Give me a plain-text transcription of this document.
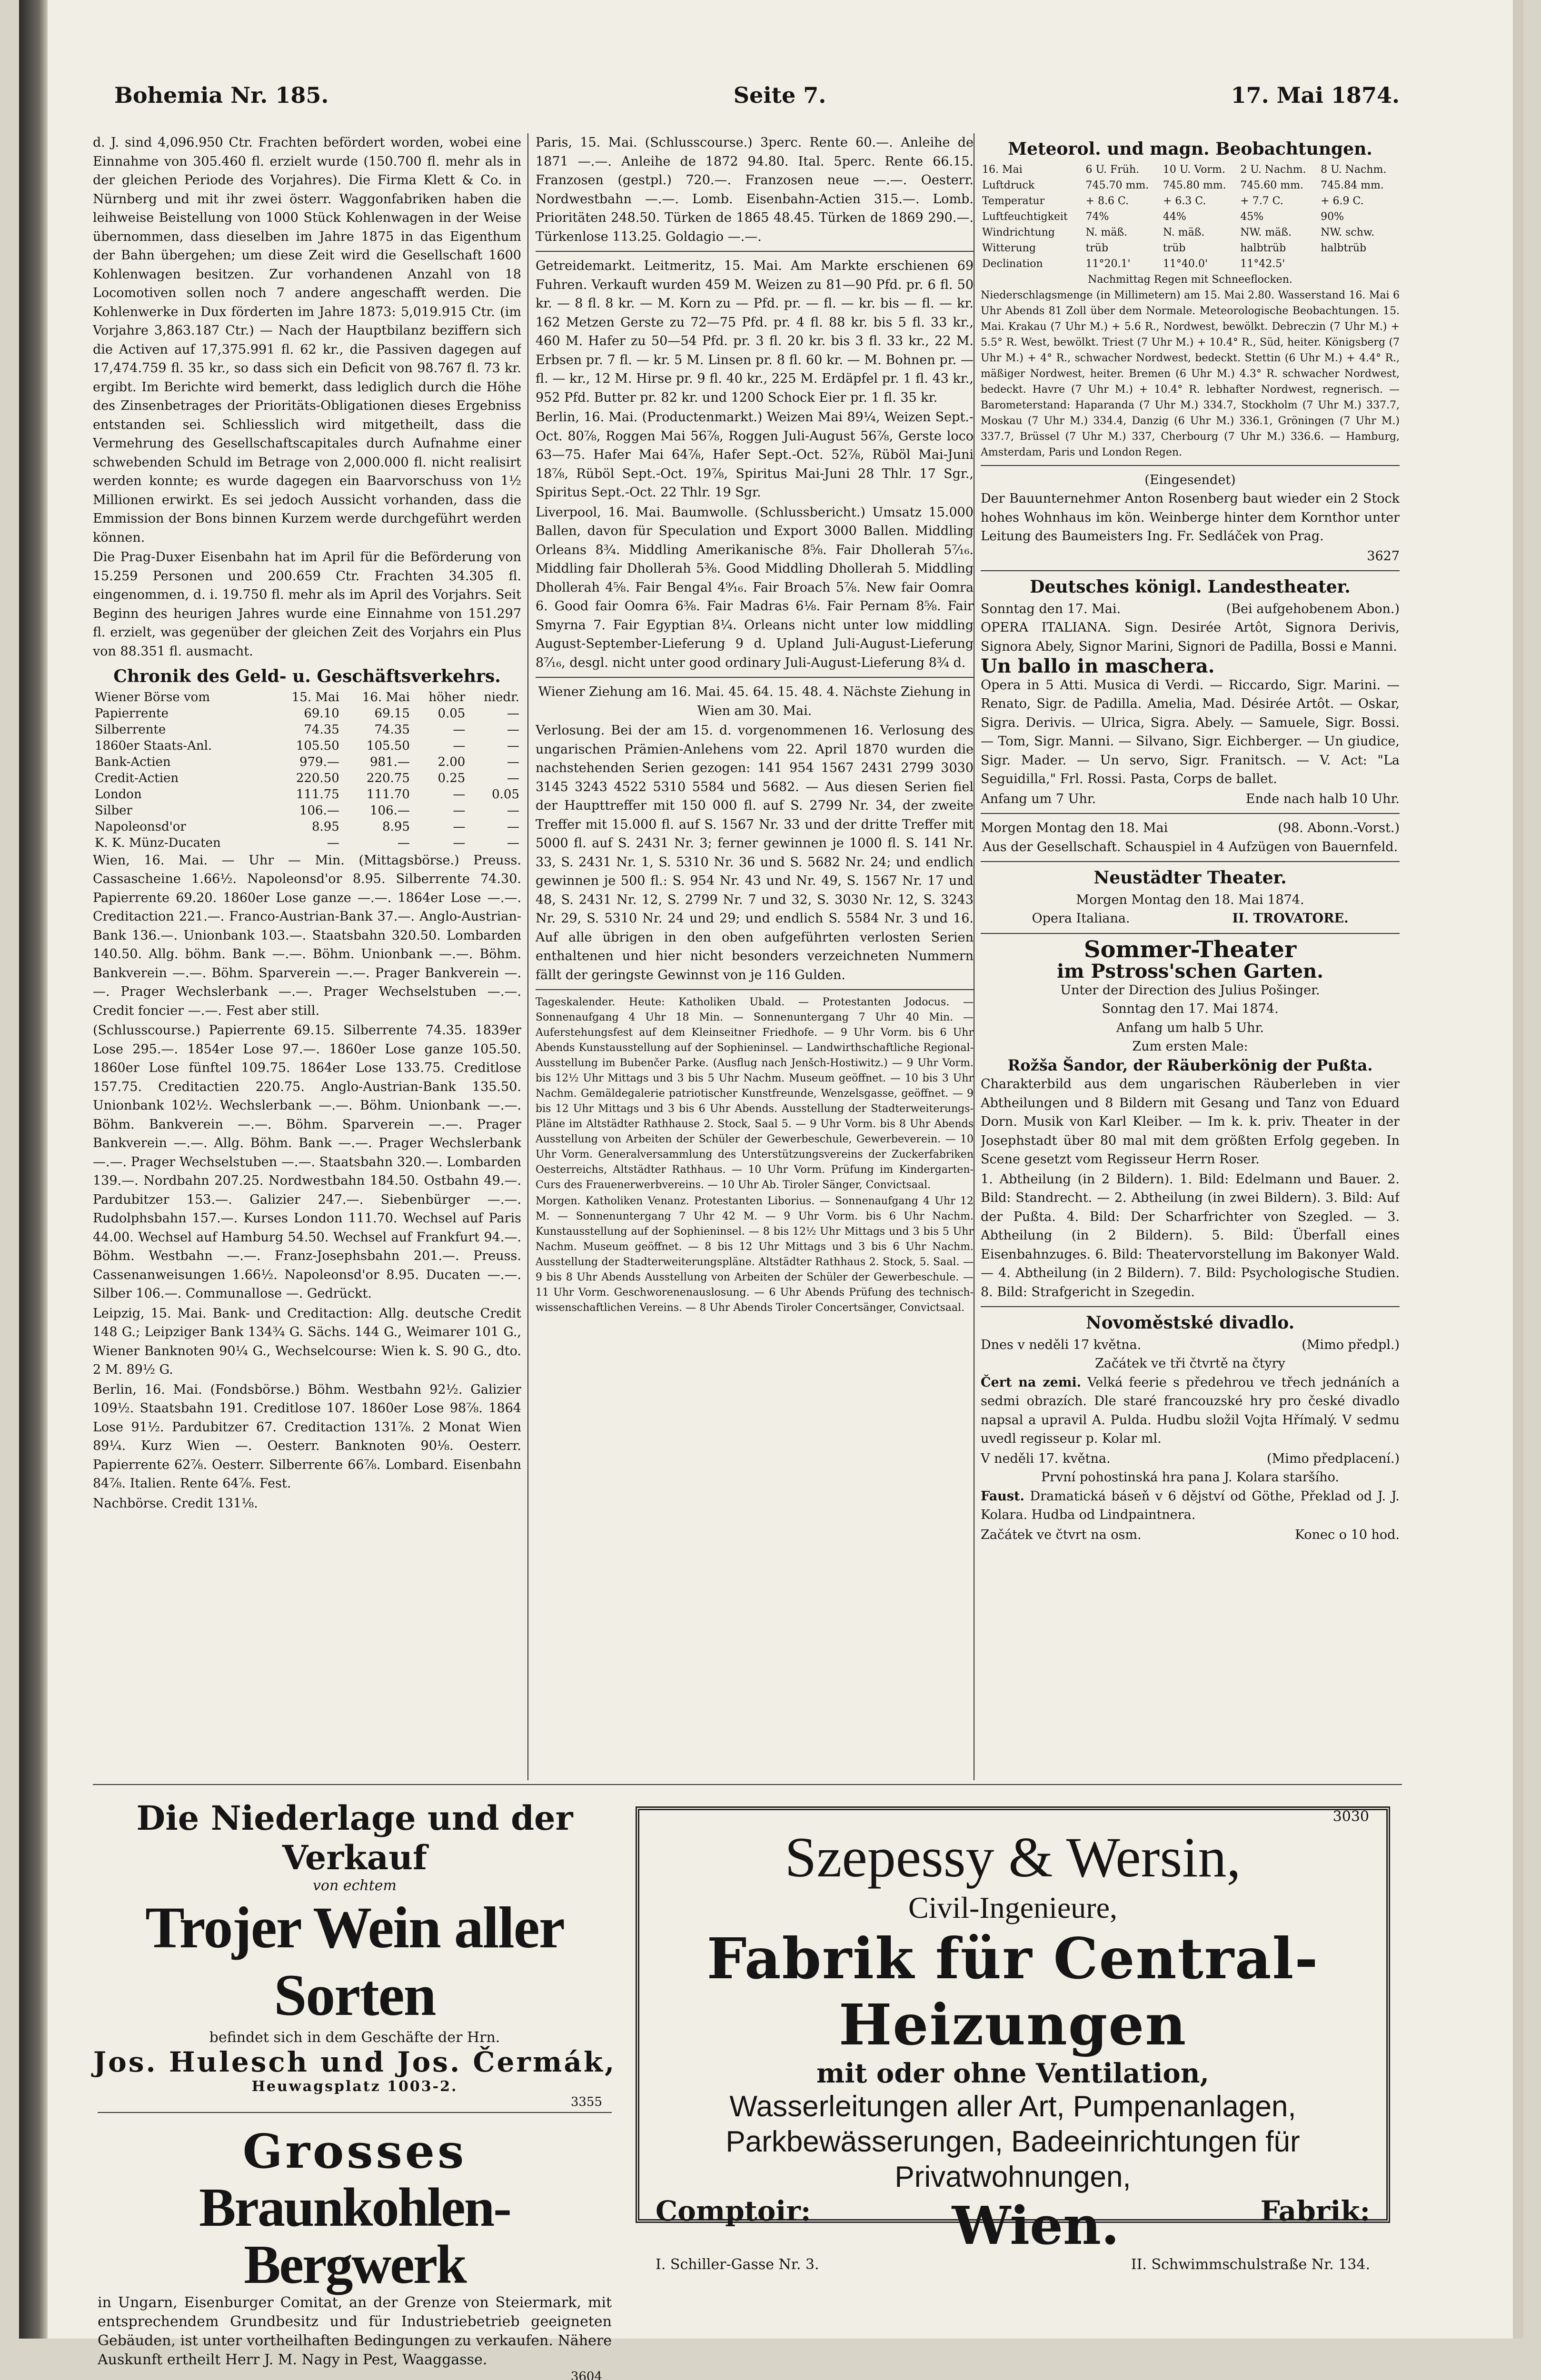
Bohemia Nr. 185.	Seite 7.	17. Mai 1874.

d. J. sind 4,096.950 Ctr. Frachten befördert worden, wobei eine Einnahme von 305.460 fl. erzielt wurde (150.700 fl. mehr als in der gleichen Periode des Vorjahres). Die Firma Klett & Co. in Nürnberg und mit ihr zwei österr. Waggonfabriken haben die leihweise Beistellung von 1000 Stück Kohlenwagen in der Weise übernommen, dass dieselben im Jahre 1875 in das Eigenthum der Bahn übergehen; um diese Zeit wird die Gesellschaft 1600 Kohlenwagen besitzen. Zur vorhandenen Anzahl von 18 Locomotiven sollen noch 7 andere angeschafft werden. Die Kohlenwerke in Dux förderten im Jahre 1873: 5,019.915 Ctr. (im Vorjahre 3,863.187 Ctr.) — Nach der Hauptbilanz beziffern sich die Activen auf 17,375.991 fl. 62 kr., die Passiven dagegen auf 17,474.759 fl. 35 kr., so dass sich ein Deficit von 98.767 fl. 73 kr. ergibt. Im Berichte wird bemerkt, dass lediglich durch die Höhe des Zinsenbetrages der Prioritäts-Obligationen dieses Ergebniss entstanden sei. Schliesslich wird mitgetheilt, dass die Vermehrung des Gesellschaftscapitales durch Aufnahme einer schwebenden Schuld im Betrage von 2,000.000 fl. nicht realisirt werden konnte; es wurde dagegen ein Baarvorschuss von 1½ Millionen erwirkt. Es sei jedoch Aussicht vorhanden, dass die Emmission der Bons binnen Kurzem werde durchgeführt werden können.

Die Prag-Duxer Eisenbahn hat im April für die Beförderung von 15.259 Personen und 200.659 Ctr. Frachten 34.305 fl. eingenommen, d. i. 19.750 fl. mehr als im April des Vorjahrs. Seit Beginn des heurigen Jahres wurde eine Einnahme von 151.297 fl. erzielt, was gegenüber der gleichen Zeit des Vorjahrs ein Plus von 88.351 fl. ausmacht.

Chronik des Geld- u. Geschäftsverkehrs.
Wiener Börse vom	15. Mai	16. Mai	höher	niedr.
Papierrente	69.10	69.15	0.05	—
Silberrente	74.35	74.35	—	—
1860er Staats-Anl.	105.50	105.50	—	—
Bank-Actien	979.—	981.—	2.00	—
Credit-Actien	220.50	220.75	0.25	—
London	111.75	111.70	—	0.05
Silber	106.—	106.—	—	—
Napoleonsd'or	8.95	8.95	—	—
K. K. Münz-Ducaten	—	—	—	—

Wien, 16. Mai. — Uhr — Min. (Mittagsbörse.) Preuss. Cassascheine 1.66½. Napoleonsd'or 8.95. Silberrente 74.30. Papierrente 69.20. 1860er Lose ganze —.—. 1864er Lose —.—. Creditaction 221.—. Franco-Austrian-Bank 37.—. Anglo-Austrian-Bank 136.—. Unionbank 103.—. Staatsbahn 320.50. Lombarden 140.50. Allg. böhm. Bank —.—. Böhm. Unionbank —.—. Böhm. Bankverein —.—. Böhm. Sparverein —.—. Prager Bankverein —.—. Prager Wechslerbank —.—. Prager Wechselstuben —.—. Credit foncier —.—. Fest aber still.

(Schlusscourse.) Papierrente 69.15. Silberrente 74.35. 1839er Lose 295.—. 1854er Lose 97.—. 1860er Lose ganze 105.50. 1860er Lose fünftel 109.75. 1864er Lose 133.75. Creditlose 157.75. Creditactien 220.75. Anglo-Austrian-Bank 135.50. Unionbank 102½. Wechslerbank —.—. Böhm. Unionbank —.—. Böhm. Bankverein —.—. Böhm. Sparverein —.—. Prager Bankverein —.—. Allg. Böhm. Bank —.—. Prager Wechslerbank —.—. Prager Wechselstuben —.—. Staatsbahn 320.—. Lombarden 139.—. Nordbahn 207.25. Nordwestbahn 184.50. Ostbahn 49.—. Pardubitzer 153.—. Galizier 247.—. Siebenbürger —.—. Rudolphsbahn 157.—. Kurses London 111.70. Wechsel auf Paris 44.00. Wechsel auf Hamburg 54.50. Wechsel auf Frankfurt 94.—. Böhm. Westbahn —.—. Franz-Josephsbahn 201.—. Preuss. Cassenanweisungen 1.66½. Napoleonsd'or 8.95. Ducaten —.—. Silber 106.—. Communallose —. Gedrückt.

Leipzig, 15. Mai. Bank- und Creditaction: Allg. deutsche Credit 148 G.; Leipziger Bank 134¾ G. Sächs. 144 G., Weimarer 101 G., Wiener Banknoten 90¼ G., Wechselcourse: Wien k. S. 90 G., dto. 2 M. 89½ G.

Berlin, 16. Mai. (Fondsbörse.) Böhm. Westbahn 92½. Galizier 109½. Staatsbahn 191. Creditlose 107. 1860er Lose 98⅞. 1864 Lose 91½. Pardubitzer 67. Creditaction 131⅞. 2 Monat Wien 89¼. Kurz Wien —. Oesterr. Banknoten 90⅛. Oesterr. Papierrente 62⅞. Oesterr. Silberrente 66⅞. Lombard. Eisenbahn 84⅞. Italien. Rente 64⅞. Fest.

Nachbörse. Credit 131⅛.

Paris, 15. Mai. (Schlusscourse.) 3perc. Rente 60.—. Anleihe de 1871 —.—. Anleihe de 1872 94.80. Ital. 5perc. Rente 66.15. Franzosen (gestpl.) 720.—. Franzosen neue —.—. Oesterr. Nordwestbahn —.—. Lomb. Eisenbahn-Actien 315.—. Lomb. Prioritäten 248.50. Türken de 1865 48.45. Türken de 1869 290.—. Türkenlose 113.25. Goldagio —.—.

Getreidemarkt. Leitmeritz, 15. Mai. Am Markte erschienen 69 Fuhren. Verkauft wurden 459 M. Weizen zu 81—90 Pfd. pr. 6 fl. 50 kr. — 8 fl. 8 kr. — M. Korn zu — Pfd. pr. — fl. — kr. bis — fl. — kr. 162 Metzen Gerste zu 72—75 Pfd. pr. 4 fl. 88 kr. bis 5 fl. 33 kr., 460 M. Hafer zu 50—54 Pfd. pr. 3 fl. 20 kr. bis 3 fl. 33 kr., 22 M. Erbsen pr. 7 fl. — kr. 5 M. Linsen pr. 8 fl. 60 kr. — M. Bohnen pr. — fl. — kr., 12 M. Hirse pr. 9 fl. 40 kr., 225 M. Erdäpfel pr. 1 fl. 43 kr., 952 Pfd. Butter pr. 82 kr. und 1200 Schock Eier pr. 1 fl. 35 kr.

Berlin, 16. Mai. (Productenmarkt.) Weizen Mai 89¼, Weizen Sept.-Oct. 80⅞, Roggen Mai 56⅞, Roggen Juli-August 56⅞, Gerste loco 63—75. Hafer Mai 64⅞, Hafer Sept.-Oct. 52⅞, Rüböl Mai-Juni 18⅞, Rüböl Sept.-Oct. 19⅞, Spiritus Mai-Juni 28 Thlr. 17 Sgr., Spiritus Sept.-Oct. 22 Thlr. 19 Sgr.

Liverpool, 16. Mai. Baumwolle. (Schlussbericht.) Umsatz 15.000 Ballen, davon für Speculation und Export 3000 Ballen. Middling Orleans 8¾. Middling Amerikanische 8⅝. Fair Dhollerah 5⁷⁄₁₆. Middling fair Dhollerah 5⅜. Good Middling Dhollerah 5. Middling Dhollerah 4⅝. Fair Bengal 4⁹⁄₁₆. Fair Broach 5⅞. New fair Oomra 6. Good fair Oomra 6⅜. Fair Madras 6⅛. Fair Pernam 8⅝. Fair Smyrna 7. Fair Egyptian 8¼. Orleans nicht unter low middling August-September-Lieferung 9 d. Upland Juli-August-Lieferung 8⁷⁄₁₆, desgl. nicht unter good ordinary Juli-August-Lieferung 8¾ d.

Wiener Ziehung am 16. Mai. 45. 64. 15. 48. 4. Nächste Ziehung in Wien am 30. Mai.

Verlosung. Bei der am 15. d. vorgenommenen 16. Verlosung des ungarischen Prämien-Anlehens vom 22. April 1870 wurden die nachstehenden Serien gezogen: 141 954 1567 2431 2799 3030 3145 3243 4522 5310 5584 und 5682. — Aus diesen Serien fiel der Haupttreffer mit 150 000 fl. auf S. 2799 Nr. 34, der zweite Treffer mit 15.000 fl. auf S. 1567 Nr. 33 und der dritte Treffer mit 5000 fl. auf S. 2431 Nr. 3; ferner gewinnen je 1000 fl. S. 141 Nr. 33, S. 2431 Nr. 1, S. 5310 Nr. 36 und S. 5682 Nr. 24; und endlich gewinnen je 500 fl.: S. 954 Nr. 43 und Nr. 49, S. 1567 Nr. 17 und 48, S. 2431 Nr. 12, S. 2799 Nr. 7 und 32, S. 3030 Nr. 12, S. 3243 Nr. 29, S. 5310 Nr. 24 und 29; und endlich S. 5584 Nr. 3 und 16. Auf alle übrigen in den oben aufgeführten verlosten Serien enthaltenen und hier nicht besonders verzeichneten Nummern fällt der geringste Gewinnst von je 116 Gulden.

Tageskalender. Heute: Katholiken Ubald. — Protestanten Jodocus. — Sonnenaufgang 4 Uhr 18 Min. — Sonnenuntergang 7 Uhr 40 Min. — Auferstehungsfest auf dem Kleinseitner Friedhofe. — 9 Uhr Vorm. bis 6 Uhr Abends Kunstausstellung auf der Sophieninsel. — Landwirthschaftliche Regional-Ausstellung im Bubenčer Parke. (Ausflug nach Jenšch-Hostiwitz.) — 9 Uhr Vorm. bis 12½ Uhr Mittags und 3 bis 5 Uhr Nachm. Museum geöffnet. — 10 bis 3 Uhr Nachm. Gemäldegalerie patriotischer Kunstfreunde, Wenzelsgasse, geöffnet. — 9 bis 12 Uhr Mittags und 3 bis 6 Uhr Abends. Ausstellung der Stadterweiterungs-Pläne im Altstädter Rathhause 2. Stock, Saal 5. — 9 Uhr Vorm. bis 8 Uhr Abends Ausstellung von Arbeiten der Schüler der Gewerbeschule, Gewerbeverein. — 10 Uhr Vorm. Generalversammlung des Unterstützungsvereins der Zuckerfabriken Oesterreichs, Altstädter Rathhaus. — 10 Uhr Vorm. Prüfung im Kindergarten-Curs des Frauenerwerbvereins. — 10 Uhr Ab. Tiroler Sänger, Convictsaal.

Morgen. Katholiken Venanz. Protestanten Liborius. — Sonnenaufgang 4 Uhr 12 M. — Sonnenuntergang 7 Uhr 42 M. — 9 Uhr Vorm. bis 6 Uhr Nachm. Kunstausstellung auf der Sophieninsel. — 8 bis 12½ Uhr Mittags und 3 bis 5 Uhr Nachm. Museum geöffnet. — 8 bis 12 Uhr Mittags und 3 bis 6 Uhr Nachm. Ausstellung der Stadterweiterungspläne. Altstädter Rathhaus 2. Stock, 5. Saal. — 9 bis 8 Uhr Abends Ausstellung von Arbeiten der Schüler der Gewerbeschule. — 11 Uhr Vorm. Geschworenenauslosung. — 6 Uhr Abends Prüfung des technisch-wissenschaftlichen Vereins. — 8 Uhr Abends Tiroler Concertsänger, Convictsaal.

Meteorol. und magn. Beobachtungen.
16. Mai	6 U. Früh.	10 U. Vorm.	2 U. Nachm.	8 U. Nachm.
Luftdruck	745.70 mm.	745.80 mm.	745.60 mm.	745.84 mm.
Temperatur	+ 8.6 C.	+ 6.3 C.	+ 7.7 C.	+ 6.9 C.
Luftfeuchtigkeit	74%	44%	45%	90%
Windrichtung	N. mäß.	N. mäß.	NW. mäß.	NW. schw.
Witterung	trüb	trüb	halbtrüb	halbtrüb
Declination	11°20.1'	11°40.0'	11°42.5'	
Nachmittag Regen mit Schneeflocken.

Niederschlagsmenge (in Millimetern) am 15. Mai 2.80. Wasserstand 16. Mai 6 Uhr Abends 81 Zoll über dem Normale. Meteorologische Beobachtungen. 15. Mai. Krakau (7 Uhr M.) + 5.6 R., Nordwest, bewölkt. Debreczin (7 Uhr M.) + 5.5° R. West, bewölkt. Triest (7 Uhr M.) + 10.4° R., Süd, heiter. Königsberg (7 Uhr M.) + 4° R., schwacher Nordwest, bedeckt. Stettin (6 Uhr M.) + 4.4° R., mäßiger Nordwest, heiter. Bremen (6 Uhr M.) 4.3° R. schwacher Nordwest, bedeckt. Havre (7 Uhr M.) + 10.4° R. lebhafter Nordwest, regnerisch. — Barometerstand: Haparanda (7 Uhr M.) 334.7, Stockholm (7 Uhr M.) 337.7, Moskau (7 Uhr M.) 334.4, Danzig (6 Uhr M.) 336.1, Gröningen (7 Uhr M.) 337.7, Brüssel (7 Uhr M.) 337, Cherbourg (7 Uhr M.) 336.6. — Hamburg, Amsterdam, Paris und London Regen.

(Eingesendet)

Der Bauunternehmer Anton Rosenberg baut wieder ein 2 Stock hohes Wohnhaus im kön. Weinberge hinter dem Kornthor unter Leitung des Baumeisters Ing. Fr. Sedláček von Prag.

3627
Deutsches königl. Landestheater.
Sonntag den 17. Mai.	(Bei aufgehobenem Abon.)

OPERA ITALIANA. Sign. Desirée Artôt, Signora Derivis, Signora Abely, Signor Marini, Signori de Padilla, Bossi e Manni.

Un ballo in maschera.

Opera in 5 Atti. Musica di Verdi. — Riccardo, Sigr. Marini. — Renato, Sigr. de Padilla. Amelia, Mad. Désirée Artôt. — Oskar, Sigra. Derivis. — Ulrica, Sigra. Abely. — Samuele, Sigr. Bossi. — Tom, Sigr. Manni. — Silvano, Sigr. Eichberger. — Un giudice, Sigr. Mader. — Un servo, Sigr. Franitsch. — V. Act: "La Seguidilla," Frl. Rossi. Pasta, Corps de ballet.

Anfang um 7 Uhr.	Ende nach halb 10 Uhr.
Morgen Montag den 18. Mai	(98. Abonn.-Vorst.)
Aus der Gesellschaft. Schauspiel in 4 Aufzügen von Bauernfeld.
Neustädter Theater.
Morgen Montag den 18. Mai 1874.
Opera Italiana.	II. TROVATORE.
Sommer-Theater
im Pstross'schen Garten.
Unter der Direction des Julius Pošinger.
Sonntag den 17. Mai 1874.
Anfang um halb 5 Uhr.
Zum ersten Male:
Rožša Šandor, der Räuberkönig der Pußta.

Charakterbild aus dem ungarischen Räuberleben in vier Abtheilungen und 8 Bildern mit Gesang und Tanz von Eduard Dorn. Musik von Karl Kleiber. — Im k. k. priv. Theater in der Josephstadt über 80 mal mit dem größten Erfolg gegeben. In Scene gesetzt vom Regisseur Herrn Roser.

1. Abtheilung (in 2 Bildern). 1. Bild: Edelmann und Bauer. 2. Bild: Standrecht. — 2. Abtheilung (in zwei Bildern). 3. Bild: Auf der Pußta. 4. Bild: Der Scharfrichter von Szegled. — 3. Abtheilung (in 2 Bildern). 5. Bild: Überfall eines Eisenbahnzuges. 6. Bild: Theatervorstellung im Bakonyer Wald. — 4. Abtheilung (in 2 Bildern). 7. Bild: Psychologische Studien. 8. Bild: Strafgericht in Szegedin.

Novoměstské divadlo.
Dnes v neděli 17 května.	(Mimo předpl.)
Začátek ve tři čtvrtě na čtyry

Čert na zemi. Velká feerie s předehrou ve třech jednáních a sedmi obrazích. Dle staré francouzské hry pro české divadlo napsal a upravil A. Pulda. Hudbu složil Vojta Hřímalý. V sedmu uvedl regisseur p. Kolar ml.

V neděli 17. května.	(Mimo předplacení.)
První pohostinská hra pana J. Kolara staršího.

Faust. Dramatická báseň v 6 dějství od Göthe, Překlad od J. J. Kolara. Hudba od Lindpaintnera.

Začátek ve čtvrt na osm.	Konec o 10 hod.
Die Niederlage und der Verkauf
von echtem
Trojer Wein aller Sorten
befindet sich in dem Geschäfte der Hrn.
Jos. Hulesch und Jos. Čermák,
Heuwagsplatz 1003-2.
3355
Grosses
Braunkohlen-Bergwerk
in Ungarn, Eisenburger Comitat, an der Grenze von Steiermark, mit entsprechendem Grundbesitz und für Industriebetrieb geeigneten Gebäuden, ist unter vortheilhaften Bedingungen zu verkaufen. Nähere Auskunft ertheilt Herr J. M. Nagy in Pest, Waaggasse.
3604
3030
Szepessy & Wersin,
Civil-Ingenieure,
Fabrik für Central-Heizungen
mit oder ohne Ventilation,
Wasserleitungen aller Art, Pumpenanlagen, Parkbewässerungen, Badeeinrichtungen für Privatwohnungen,
Comptoir:	Wien.	Fabrik:
I. Schiller-Gasse Nr. 3.	II. Schwimmschulstraße Nr. 134.
